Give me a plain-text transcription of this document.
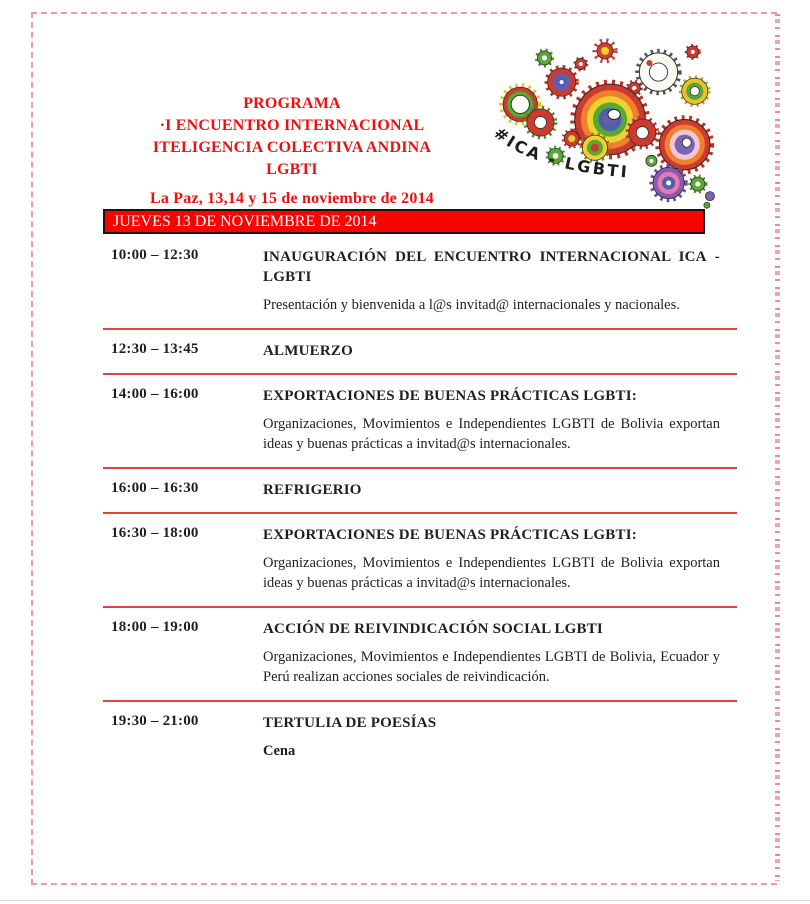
PROGRAMA
·I ENCUENTRO INTERNACIONAL
ITELIGENCIA COLECTIVA ANDINA
LGBTI
La Paz, 13,14 y 15 de noviembre de 2014
#ICA - LGBTI
JUEVES 13 DE NOVIEMBRE DE 2014
10:00 – 12:30	INAUGURACIÓN DEL ENCUENTRO INTERNACIONAL ICA -LGBTI
Presentación y bienvenida a l@s invitad@ internacionales y nacionales.
12:30 – 13:45	ALMUERZO
14:00 – 16:00	EXPORTACIONES DE BUENAS PRÁCTICAS LGBTI:
Organizaciones, Movimientos e Independientes LGBTI de Bolivia exportan ideas y buenas prácticas a invitad@s internacionales.
16:00 – 16:30	REFRIGERIO
16:30 – 18:00	EXPORTACIONES DE BUENAS PRÁCTICAS LGBTI:
Organizaciones, Movimientos e Independientes LGBTI de Bolivia exportan ideas y buenas prácticas a invitad@s internacionales.
18:00 – 19:00	ACCIÓN DE REIVINDICACIÓN SOCIAL LGBTI
Organizaciones, Movimientos e Independientes LGBTI de Bolivia, Ecuador y Perú realizan acciones sociales de reivindicación.
19:30 – 21:00	TERTULIA DE POESÍAS
Cena
